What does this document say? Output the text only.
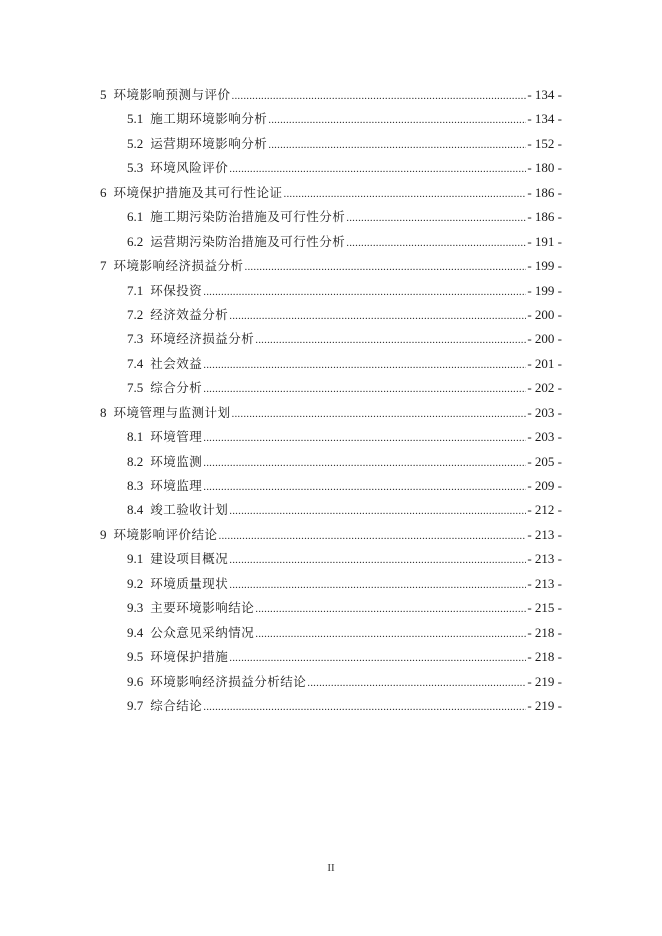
5 环境影响预测与评价 .....	- 134 -
5.1 施工期环境影响分析 .....	- 134 -
5.2 运营期环境影响分析 .....	- 152 -
5.3 环境风险评价 .....	- 180 -
6 环境保护措施及其可行性论证 .....	- 186 -
6.1 施工期污染防治措施及可行性分析 .....	- 186 -
6.2 运营期污染防治措施及可行性分析 .....	- 191 -
7 环境影响经济损益分析 .....	- 199 -
7.1 环保投资 .....	- 199 -
7.2 经济效益分析 .....	- 200 -
7.3 环境经济损益分析 .....	- 200 -
7.4 社会效益 .....	- 201 -
7.5 综合分析 .....	- 202 -
8 环境管理与监测计划 .....	- 203 -
8.1 环境管理 .....	- 203 -
8.2 环境监测 .....	- 205 -
8.3 环境监理 .....	- 209 -
8.4 竣工验收计划 .....	- 212 -
9 环境影响评价结论 .....	- 213 -
9.1 建设项目概况 .....	- 213 -
9.2 环境质量现状 .....	- 213 -
9.3 主要环境影响结论 .....	- 215 -
9.4 公众意见采纳情况 .....	- 218 -
9.5 环境保护措施 .....	- 218 -
9.6 环境影响经济损益分析结论 .....	- 219 -
9.7 综合结论 .....	- 219 -
II
